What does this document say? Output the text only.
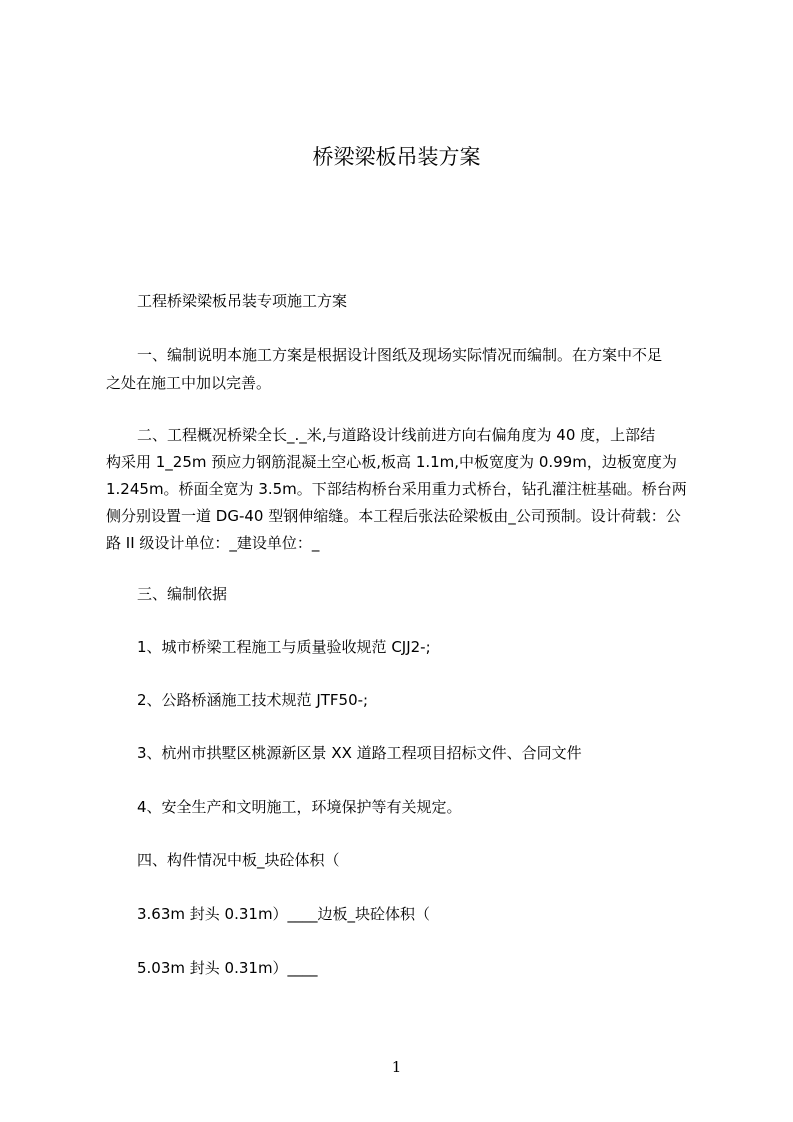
桥梁梁板吊装方案
工程桥梁梁板吊装专项施工方案
一、编制说明本施工方案是根据设计图纸及现场实际情况而编制。在方案中不足
之处在施工中加以完善。
二、工程概况桥梁全长_._米,与道路设计线前进方向右偏角度为 40 度，上部结
构采用 1_25m 预应力钢筋混凝土空心板,板高 1.1m,中板宽度为 0.99m，边板宽度为
1.245m。桥面全宽为 3.5m。下部结构桥台采用重力式桥台，钻孔灌注桩基础。桥台两
侧分别设置一道 DG-40 型钢伸缩缝。本工程后张法砼梁板由_公司预制。设计荷载：公
路 II 级设计单位：_建设单位：_
三、编制依据
1、城市桥梁工程施工与质量验收规范 CJJ2-;
2、公路桥涵施工技术规范 JTF50-;
3、杭州市拱墅区桃源新区景 XX 道路工程项目招标文件、合同文件
4、安全生产和文明施工，环境保护等有关规定。
四、构件情况中板_块砼体积（
3.63m 封头 0.31m）____边板_块砼体积（
5.03m 封头 0.31m）____
1
